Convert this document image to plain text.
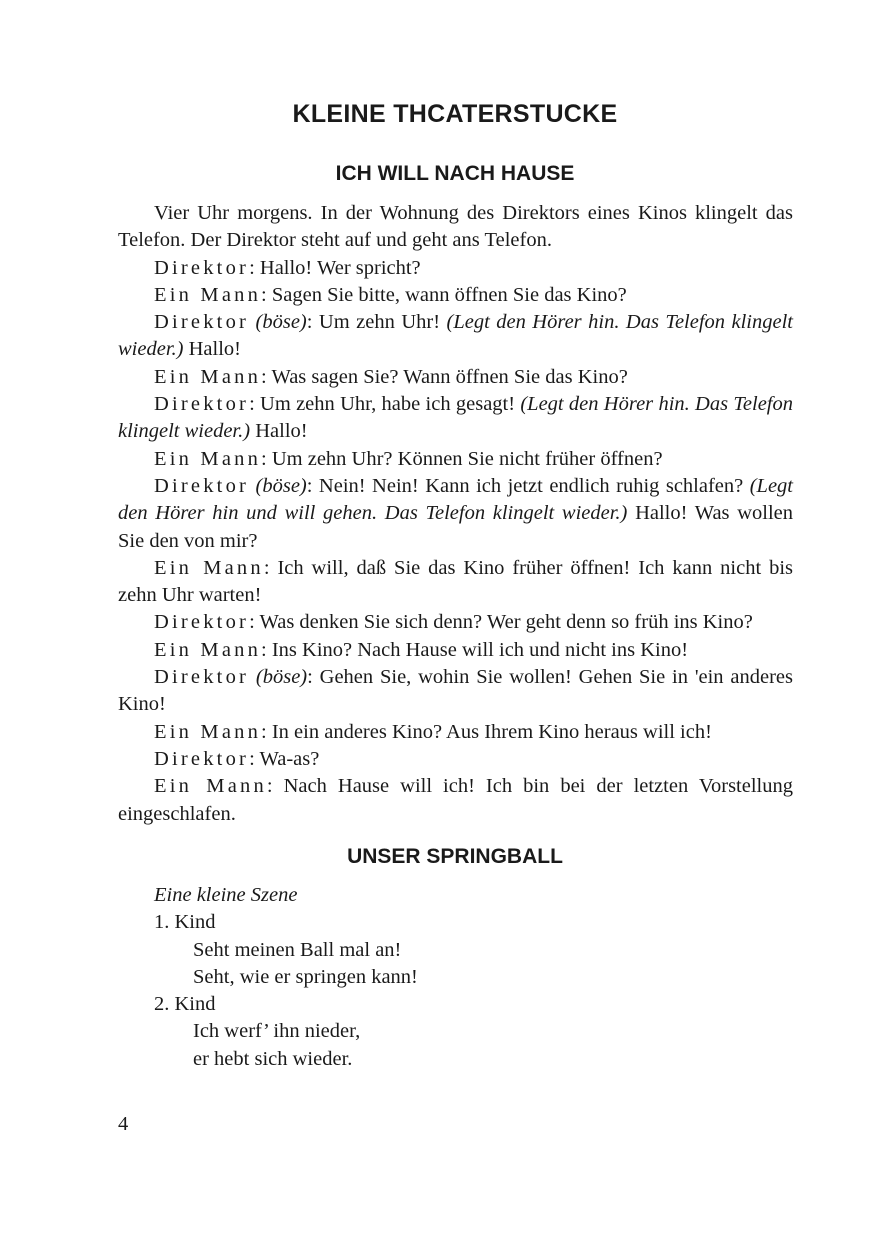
KLEINE THCATERSTUCKE
ICH WILL NACH HAUSE

Vier Uhr morgens. In der Wohnung des Direktors eines Kinos klingelt das Telefon. Der Direktor steht auf und geht ans Telefon.

Direktor: Hallo! Wer spricht?

Ein Mann: Sagen Sie bitte, wann öffnen Sie das Kino?

Direktor (böse): Um zehn Uhr! (Legt den Hörer hin. Das Telefon klingelt wieder.) Hallo!

Ein Mann: Was sagen Sie? Wann öffnen Sie das Kino?

Direktor: Um zehn Uhr, habe ich gesagt! (Legt den Hörer hin. Das Telefon klingelt wieder.) Hallo!

Ein Mann: Um zehn Uhr? Können Sie nicht früher öffnen?

Direktor (böse): Nein! Nein! Kann ich jetzt endlich ruhig schlafen? (Legt den Hörer hin und will gehen. Das Telefon klingelt wieder.) Hallo! Was wollen Sie den von mir?

Ein Mann: Ich will, daß Sie das Kino früher öffnen! Ich kann nicht bis zehn Uhr warten!

Direktor: Was denken Sie sich denn? Wer geht denn so früh ins Kino?

Ein Mann: Ins Kino? Nach Hause will ich und nicht ins Kino!

Direktor (böse): Gehen Sie, wohin Sie wollen! Gehen Sie in 'ein anderes Kino!

Ein Mann: In ein anderes Kino? Aus Ihrem Kino heraus will ich!

Direktor: Wa-as?

Ein Mann: Nach Hause will ich! Ich bin bei der letzten Vorstellung eingeschlafen.

UNSER SPRINGBALL
Eine kleine Szene
1. Kind
Seht meinen Ball mal an!
Seht, wie er springen kann!
2. Kind
Ich werf’ ihn nieder,
er hebt sich wieder.
4
